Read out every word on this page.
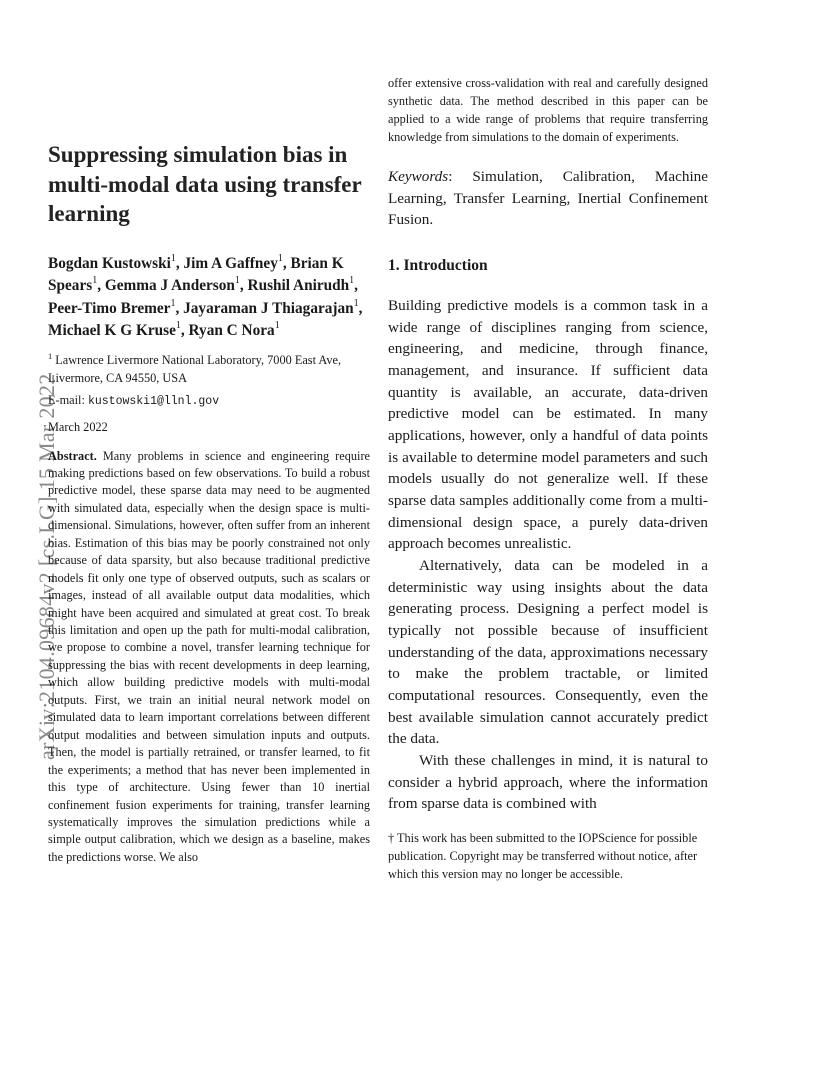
arXiv:2104.09684v2 [cs.LG] 15 Mar 2022
Suppressing simulation bias in multi-modal data using transfer learning

Bogdan Kustowski$^1$, Jim A Gaffney$^1$, Brian K Spears$^1$, Gemma J Anderson$^1$, Rushil Anirudh$^1$, Peer-Timo Bremer$^1$, Jayaraman J Thiagarajan$^1$, Michael K G Kruse$^1$, Ryan C Nora$^1$

$^1$ Lawrence Livermore National Laboratory, 7000 East Ave, Livermore, CA 94550, USA

E-mail: kustowski1@llnl.gov

March 2022

Abstract. Many problems in science and engineering require making predictions based on few observations. To build a robust predictive model, these sparse data may need to be augmented with simulated data, especially when the design space is multi-dimensional. Simulations, however, often suffer from an inherent bias. Estimation of this bias may be poorly constrained not only because of data sparsity, but also because traditional predictive models fit only one type of observed outputs, such as scalars or images, instead of all available output data modalities, which might have been acquired and simulated at great cost. To break this limitation and open up the path for multi-modal calibration, we propose to combine a novel, transfer learning technique for suppressing the bias with recent developments in deep learning, which allow building predictive models with multi-modal outputs. First, we train an initial neural network model on simulated data to learn important correlations between different output modalities and between simulation inputs and outputs. Then, the model is partially retrained, or transfer learned, to fit the experiments; a method that has never been implemented in this type of architecture. Using fewer than 10 inertial confinement fusion experiments for training, transfer learning systematically improves the simulation predictions while a simple output calibration, which we design as a baseline, makes the predictions worse. We also

offer extensive cross-validation with real and carefully designed synthetic data. The method described in this paper can be applied to a wide range of problems that require transferring knowledge from simulations to the domain of experiments.

Keywords: Simulation, Calibration, Machine Learning, Transfer Learning, Inertial Confinement Fusion.

1. Introduction

Building predictive models is a common task in a wide range of disciplines ranging from science, engineering, and medicine, through finance, management, and insurance. If sufficient data quantity is available, an accurate, data-driven predictive model can be estimated. In many applications, however, only a handful of data points is available to determine model parameters and such models usually do not generalize well. If these sparse data samples additionally come from a multi-dimensional design space, a purely data-driven approach becomes unrealistic.

Alternatively, data can be modeled in a deterministic way using insights about the data generating process. Designing a perfect model is typically not possible because of insufficient understanding of the data, approximations necessary to make the problem tractable, or limited computational resources. Consequently, even the best available simulation cannot accurately predict the data.

With these challenges in mind, it is natural to consider a hybrid approach, where the information from sparse data is combined with

† This work has been submitted to the IOPScience for possible publication. Copyright may be transferred without notice, after which this version may no longer be accessible.
